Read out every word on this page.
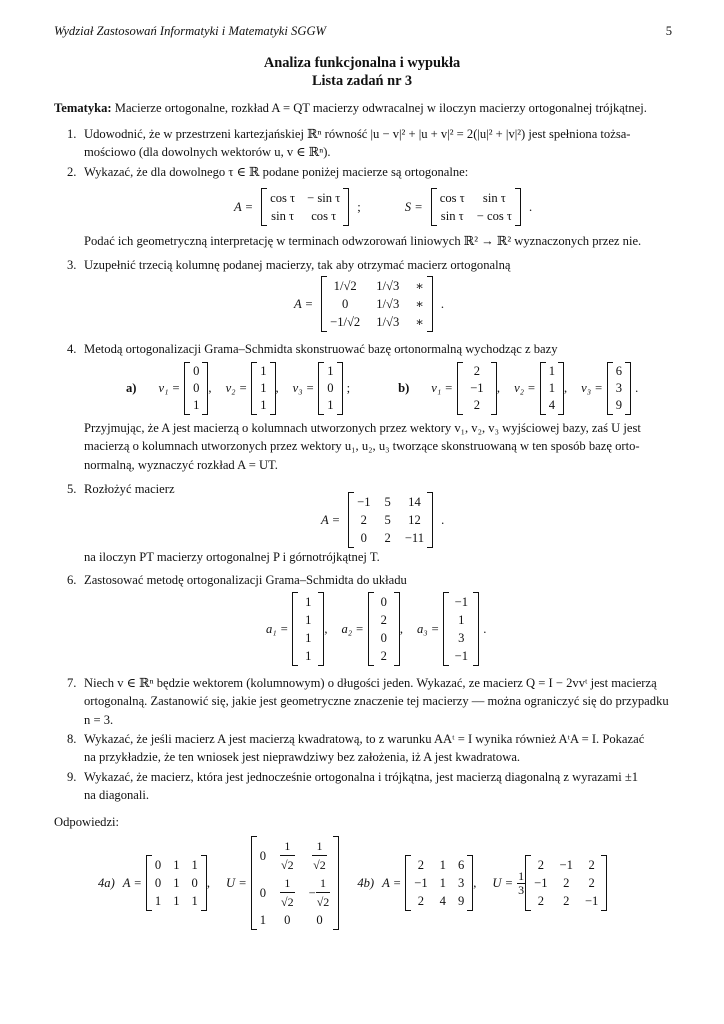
Wydział Zastosowań Informatyki i Matematyki SGGW	5
Analiza funkcjonalna i wypukła
Lista zadań nr 3
Tematyka: Macierze ortogonalne, rozkład A = QT macierzy odwracalnej w iloczyn macierzy ortogonalnej trójkątnej.
1. Udowodnić, że w przestrzeni kartezjańskiej ℝⁿ równość |u − v|² + |u + v|² = 2(|u|² + |v|²) jest spełniona tożsa-
mościowo (dla dowolnych wektorów u, v ∈ ℝⁿ).
2. Wykazać, że dla dowolnego τ ∈ ℝ podane poniżej macierze są ortogonalne:
A =
cos τ − sin τ
sin τ	cos τ
;	S =
cos τ	sin τ
sin τ − cos τ
.
Podać ich geometryczną interpretację w terminach odwzorowań liniowych ℝ² → ℝ² wyznaczonych przez nie.
3. Uzupełnić trzecią kolumnę podanej macierzy, tak aby otrzymać macierz ortogonalną
A =
1/√2 1/√3 ∗
0	1/√3 ∗
−1/√2 1/√3 ∗
.
4. Metodą ortogonalizacji Grama–Schmidta skonstruować bazę ortonormalną wychodząc z bazy
a) v₁ =
0
0
1
, v₂ =
1
1
1
, v₃ =
1
0
1
;	b) v₁ =
2
−1
2
, v₂ =
1
1
4
, v₃ =
6
3
9
.
Przyjmując, że A jest macierzą o kolumnach utworzonych przez wektory v₁, v₂, v₃ wyjściowej bazy, zaś U jest
macierzą o kolumnach utworzonych przez wektory u₁, u₂, u₃ tworzące skonstruowaną w ten sposób bazę orto-
normalną, wyznaczyć rozkład A = UT.
5. Rozłożyć macierz
A =
−1 5 14
2 5 12
0 2 −11
.
na iloczyn PT macierzy ortogonalnej P i górnotrójkątnej T.
6. Zastosować metodę ortogonalizacji Grama–Schmidta do układu
a₁ =
1
1
1
1
, a₂ =
0
2
0
2
, a₃ =
−1
1
3
−1
.
7. Niech v ∈ ℝⁿ będzie wektorem (kolumnowym) o długości jeden. Wykazać, ze macierz Q = I − 2vvᵗ jest macierzą
ortogonalną. Zastanowić się, jakie jest geometryczne znaczenie tej macierzy — można ograniczyć się do przypadku
n = 3.
8. Wykazać, że jeśli macierz A jest macierzą kwadratową, to z warunku AAᵗ = I wynika również AᵗA = I. Pokazać
na przykładzie, że ten wniosek jest nieprawdziwy bez założenia, iż A jest kwadratowa.
9. Wykazać, że macierz, która jest jednocześnie ortogonalna i trójkątna, jest macierzą diagonalną z wyrazami ±1
na diagonali.
Odpowiedzi:
4a) A =
0 1 1
0 1 0
1 1 1
, U =
$0 \frac{1}{√2} \frac{1}{√2}$
$0 \frac{1}{√2} - \frac{1}{√2}$
1	0	0
4b) A =
2 1 6
−1 1 3
2 4 9
, $U = \frac{1}{3}$
2 −1 2
−1 2 2
2 2 −1
